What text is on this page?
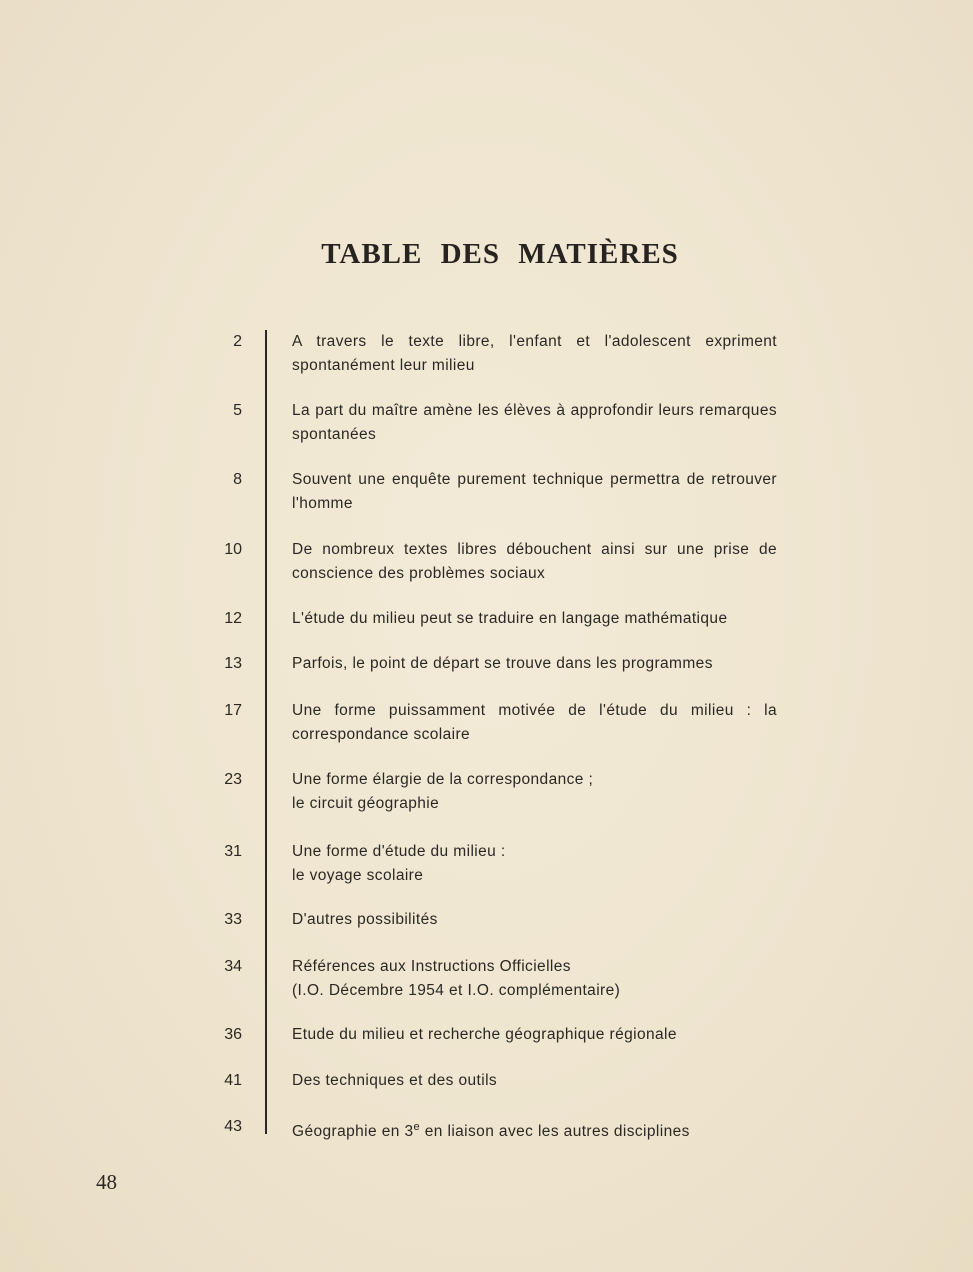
TABLE DES MATIÈRES
2	A travers le texte libre, l'enfant et l'adolescent expriment spontanément leur milieu
5	La part du maître amène les élèves à approfondir leurs remarques spontanées
8	Souvent une enquête purement technique permettra de retrouver l'homme
10	De nombreux textes libres débouchent ainsi sur une prise de conscience des problèmes sociaux
12	L'étude du milieu peut se traduire en langage mathématique
13	Parfois, le point de départ se trouve dans les programmes
17	Une forme puissamment motivée de l'étude du milieu : la correspondance scolaire
23	Une forme élargie de la correspondance ;
le circuit géographie
31	Une forme d'étude du milieu :
le voyage scolaire
33	D'autres possibilités
34	Références aux Instructions Officielles
(I.O. Décembre 1954 et I.O. complémentaire)
36	Etude du milieu et recherche géographique régionale
41	Des techniques et des outils
43	Géographie en 3e en liaison avec les autres disciplines
48
